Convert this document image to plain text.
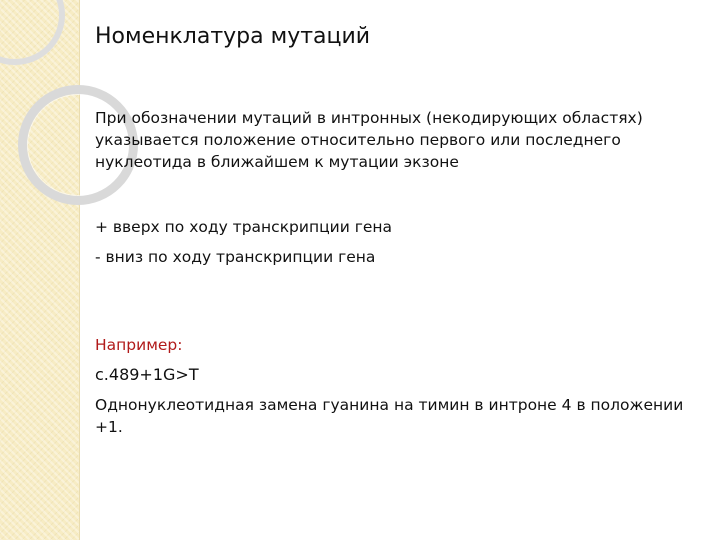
Номенклатура мутаций
При обозначении мутаций в интронных (некодирующих областях) указывается положение относительно первого или последнего нуклеотида в ближайшем к мутации экзоне
+ вверх по ходу транскрипции гена
- вниз по ходу транскрипции гена
Например:
c.489+1G>T
Однонуклеотидная замена гуанина на тимин в интроне 4 в положении +1.
